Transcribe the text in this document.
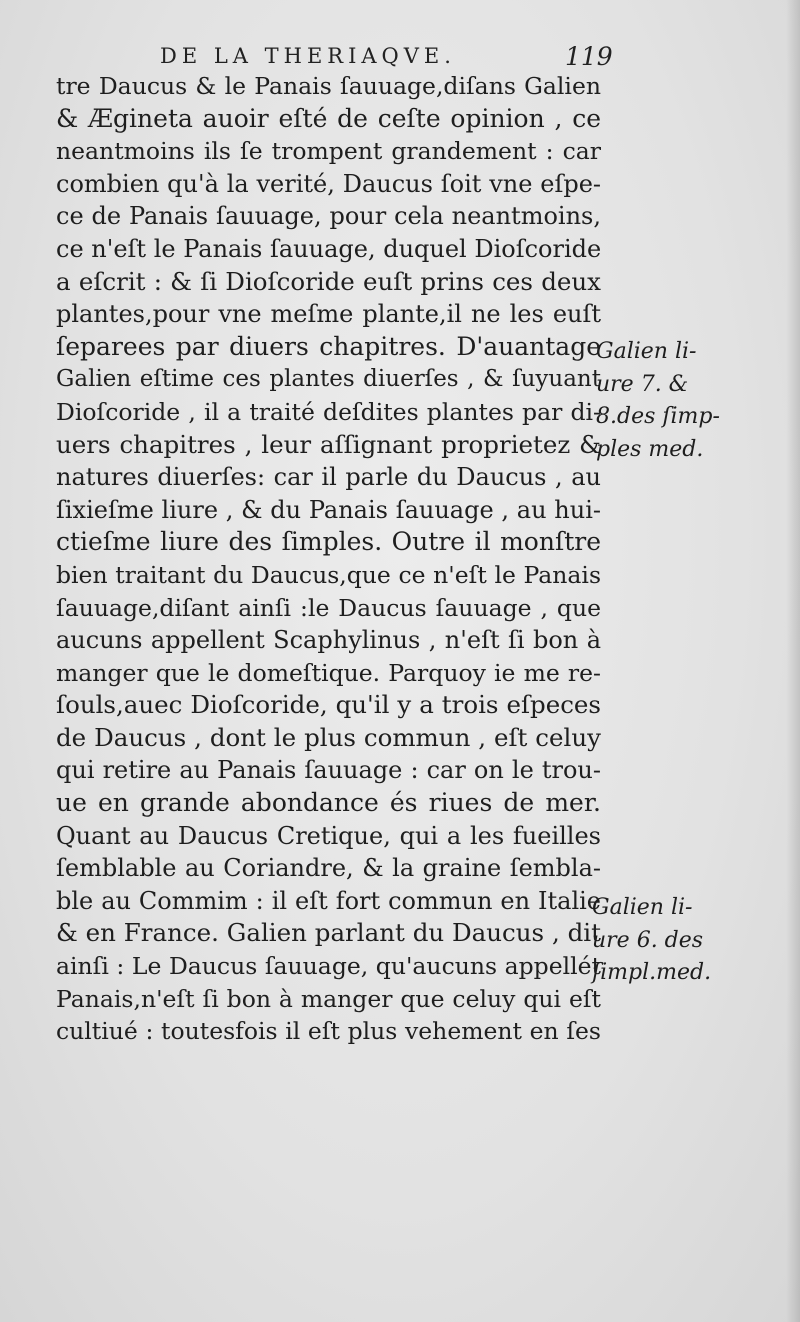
DE LA THERIAQVE.	119
tre Daucus & le Panais ſauuage,diſans Galien
& Ægineta auoir eſté de ceſte opinion , ce
neantmoins ils ſe trompent grandement : car
combien qu'à la verité, Daucus ſoit vne eſpe-
ce de Panais ſauuage, pour cela neantmoins,
ce n'eſt le Panais ſauuage, duquel Dioſcoride
a eſcrit : & ſi Dioſcoride euſt prins ces deux
plantes,pour vne meſme plante,il ne les euſt
ſeparees par diuers chapitres. D'auantage
Galien eſtime ces plantes diuerſes , & ſuyuant
Dioſcoride , il a traité deſdites plantes par di-
uers chapitres , leur aſſignant proprietez &
natures diuerſes: car il parle du Daucus , au
ſixieſme liure , & du Panais ſauuage , au hui-
ctieſme liure des ſimples. Outre il monſtre
bien traitant du Daucus,que ce n'eſt le Panais
ſauuage,diſant ainſi :le Daucus ſauuage , que
aucuns appellent Scaphylinus , n'eſt ſi bon à
manger que le domeſtique. Parquoy ie me re-
ſouls,auec Dioſcoride, qu'il y a trois eſpeces
de Daucus , dont le plus commun , eſt celuy
qui retire au Panais ſauuage : car on le trou-
ue en grande abondance és riues de mer.
Quant au Daucus Cretique, qui a les fueilles
ſemblable au Coriandre, & la graine ſembla-
ble au Commim : il eſt fort commun en Italie
& en France. Galien parlant du Daucus , dit
ainſi : Le Daucus ſauuage, qu'aucuns appellét
Panais,n'eſt ſi bon à manger que celuy qui eſt
cultiué : toutesfois il eſt plus vehement en ſes
Galien li-
ure 7. &
8.des ſimp-
ples med.
Galien li-
ure 6. des
ſimpl.med.
